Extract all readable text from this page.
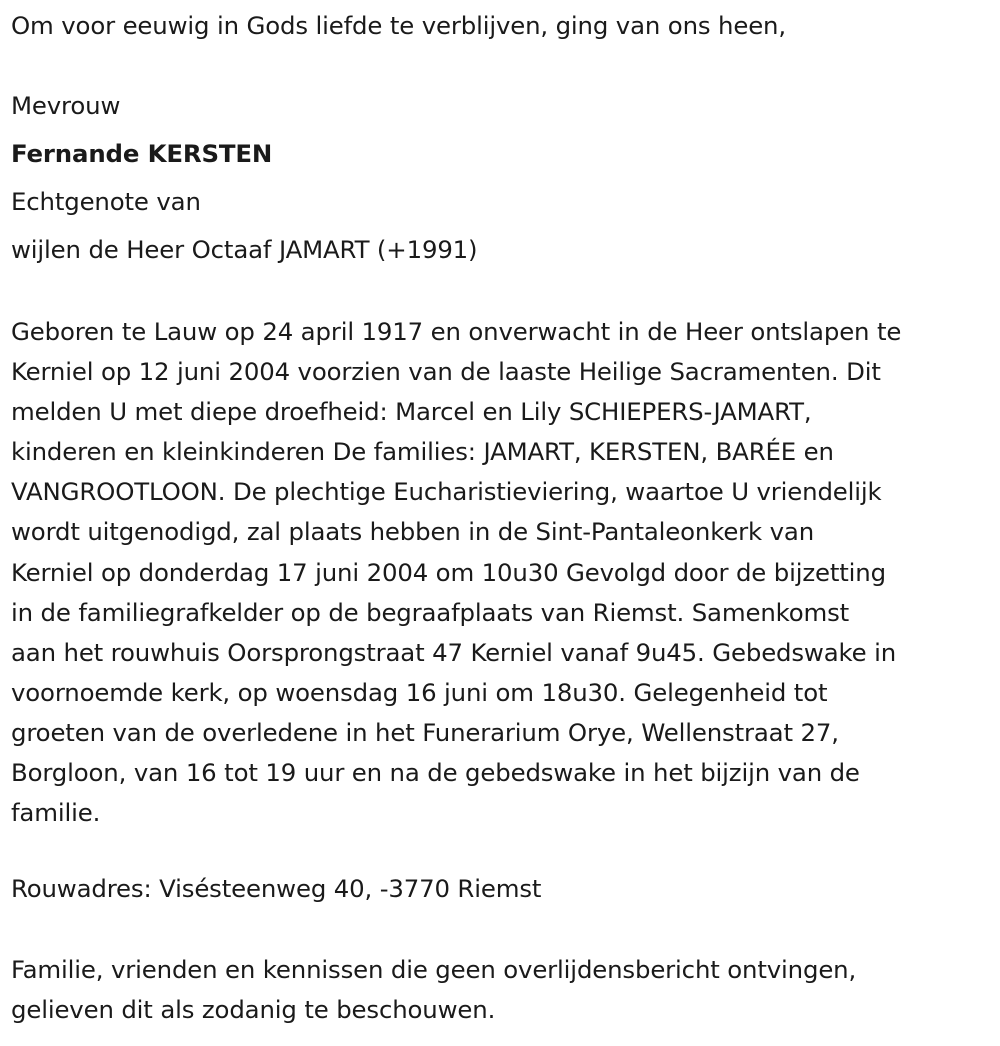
Om voor eeuwig in Gods liefde te verblijven, ging van ons heen,
Mevrouw
Fernande KERSTEN
Echtgenote van
wijlen de Heer Octaaf JAMART (+1991)
Geboren te Lauw op 24 april 1917 en onverwacht in de Heer ontslapen te
Kerniel op 12 juni 2004 voorzien van de laaste Heilige Sacramenten. Dit
melden U met diepe droefheid: Marcel en Lily SCHIEPERS-JAMART,
kinderen en kleinkinderen De families: JAMART, KERSTEN, BARÉE en
VANGROOTLOON. De plechtige Eucharistieviering, waartoe U vriendelijk
wordt uitgenodigd, zal plaats hebben in de Sint-Pantaleonkerk van
Kerniel op donderdag 17 juni 2004 om 10u30 Gevolgd door de bijzetting
in de familiegrafkelder op de begraafplaats van Riemst. Samenkomst
aan het rouwhuis Oorsprongstraat 47 Kerniel vanaf 9u45. Gebedswake in
voornoemde kerk, op woensdag 16 juni om 18u30. Gelegenheid tot
groeten van de overledene in het Funerarium Orye, Wellenstraat 27,
Borgloon, van 16 tot 19 uur en na de gebedswake in het bijzijn van de
familie.
Rouwadres: Visésteenweg 40, -3770 Riemst
Familie, vrienden en kennissen die geen overlijdensbericht ontvingen,
gelieven dit als zodanig te beschouwen.
